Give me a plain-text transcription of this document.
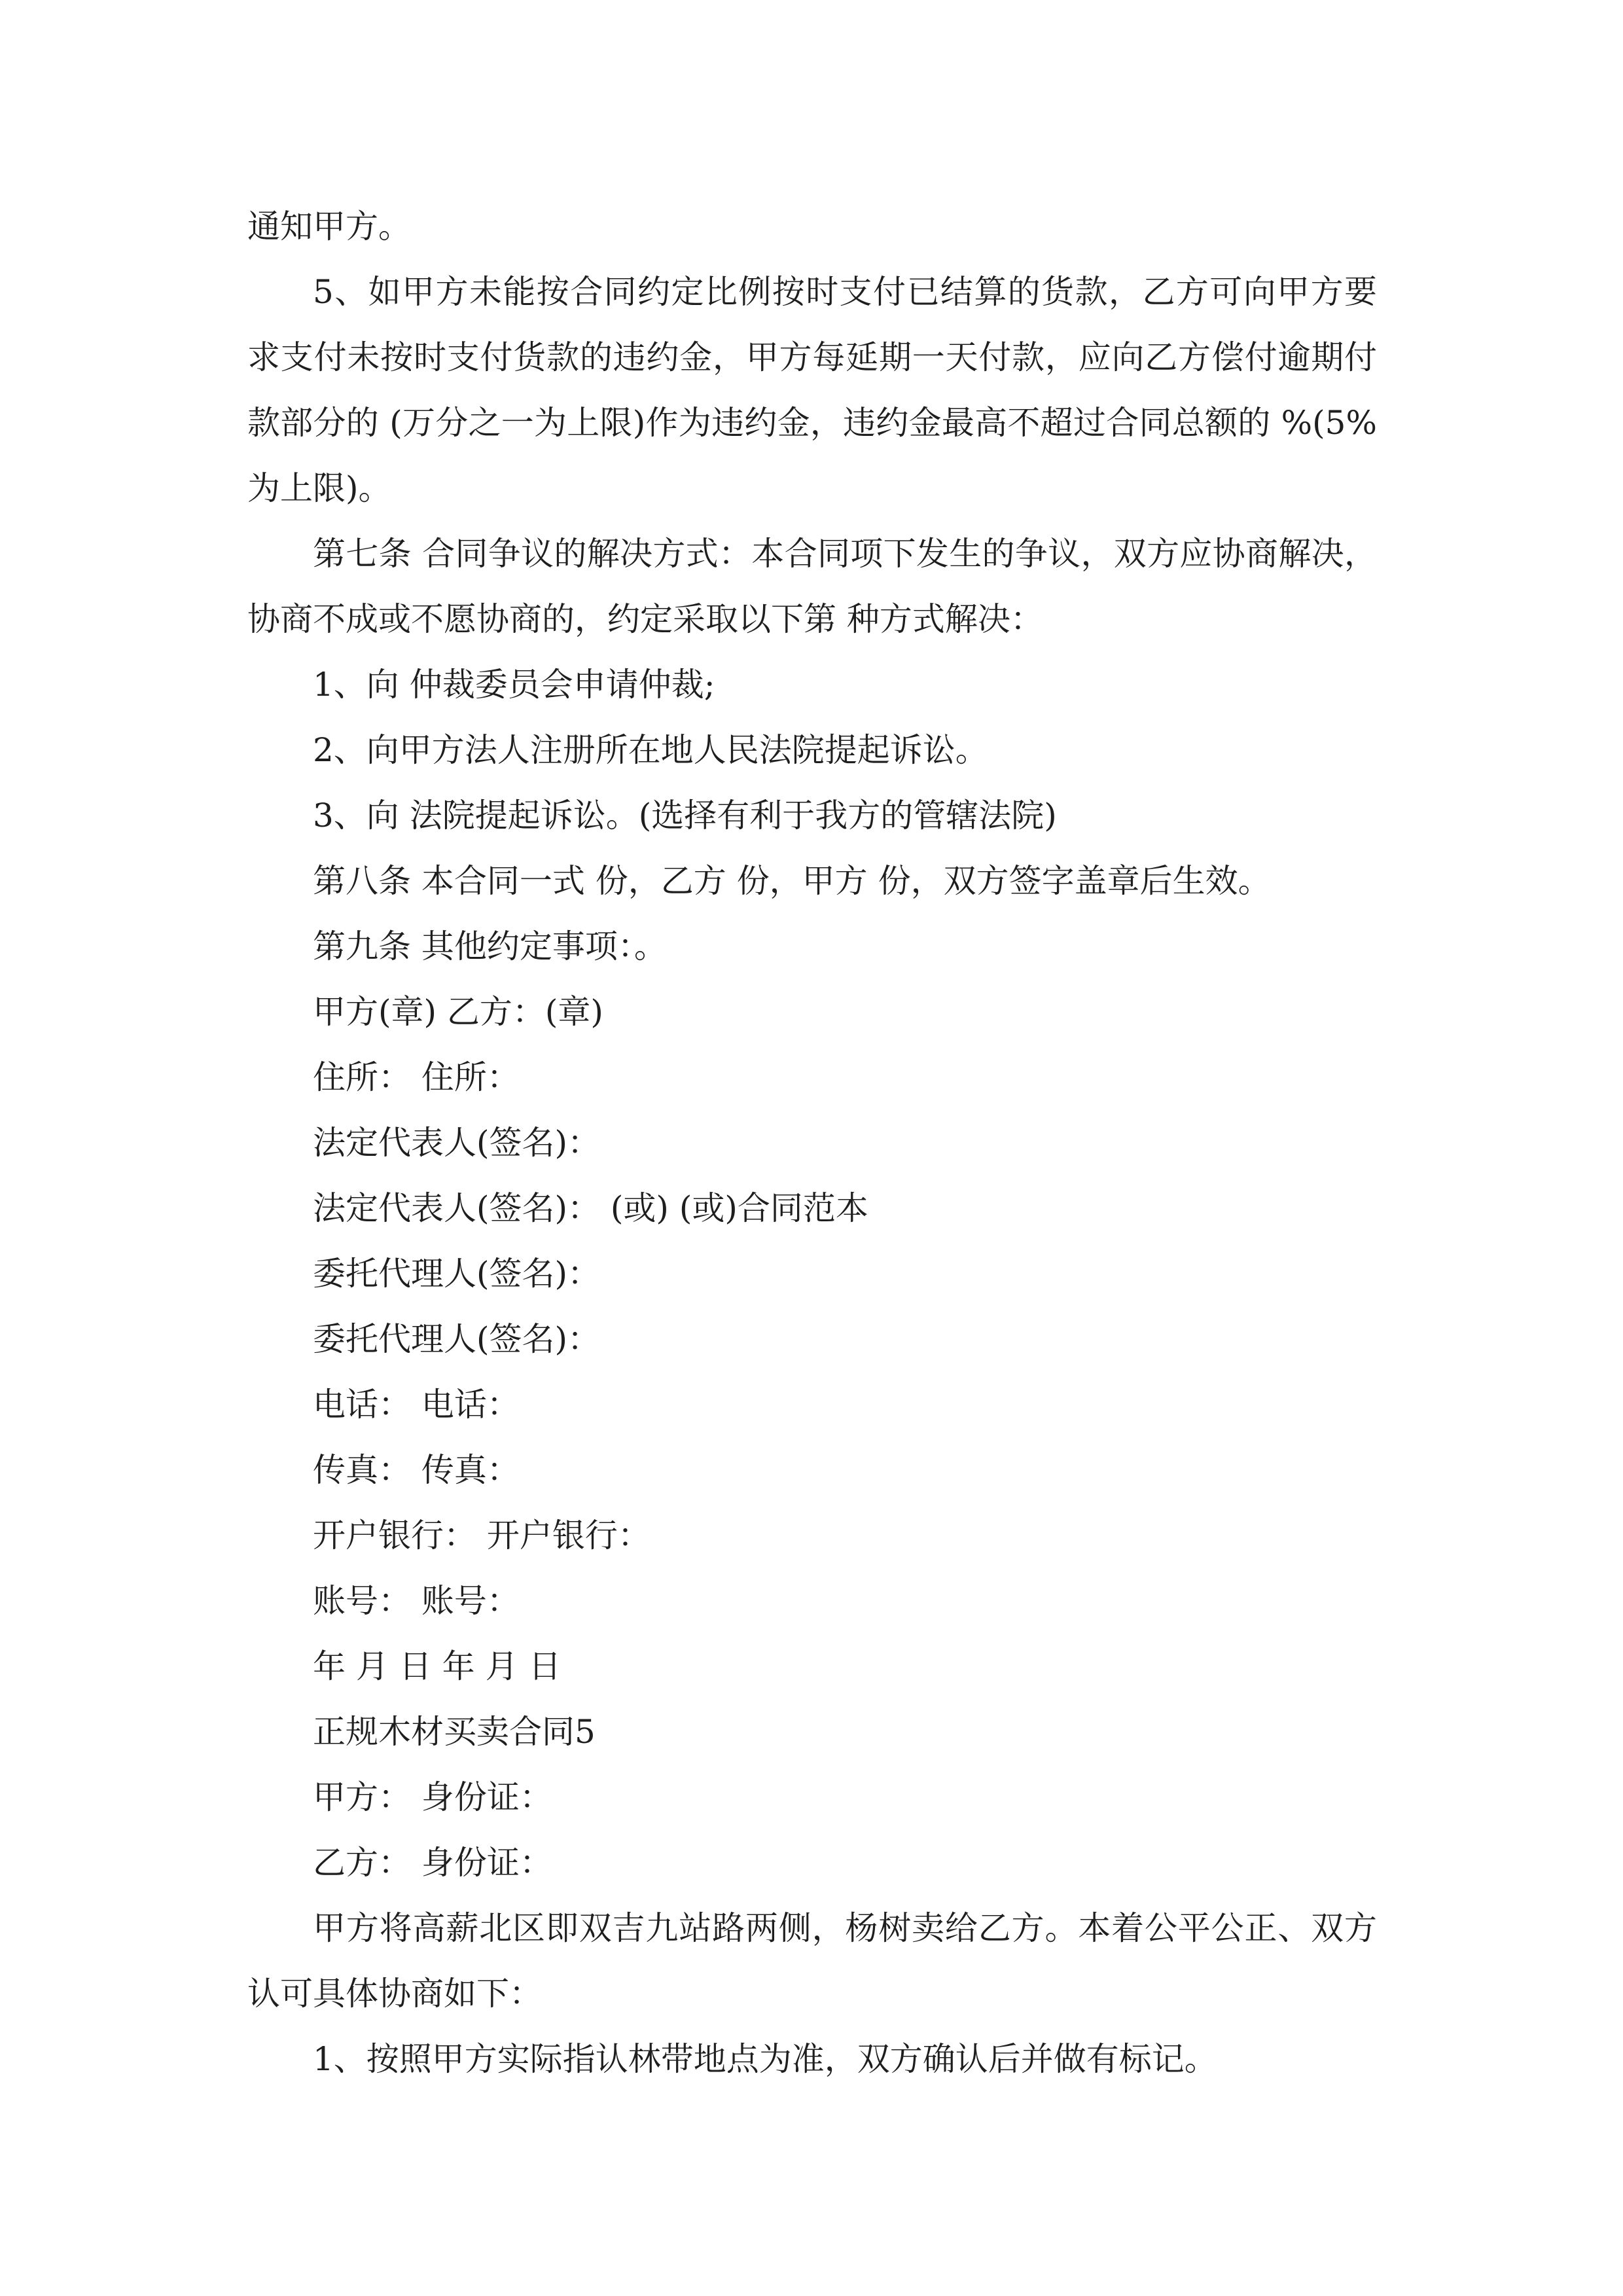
通知甲方。

5、如甲方未能按合同约定比例按时支付已结算的货款，乙方可向甲方要求支付未按时支付货款的违约金，甲方每延期一天付款，应向乙方偿付逾期付款部分的 (万分之一为上限)作为违约金，违约金最高不超过合同总额的 %(5%为上限)。

第七条 合同争议的解决方式：本合同项下发生的争议，双方应协商解决，协商不成或不愿协商的，约定采取以下第 种方式解决：

1、向 仲裁委员会申请仲裁;

2、向甲方法人注册所在地人民法院提起诉讼。

3、向 法院提起诉讼。(选择有利于我方的管辖法院)

第八条 本合同一式 份，乙方 份，甲方 份，双方签字盖章后生效。

第九条 其他约定事项：。

甲方(章) 乙方：(章)

住所： 住所：

法定代表人(签名)：

法定代表人(签名)： (或) (或)合同范本

委托代理人(签名)：

委托代理人(签名)：

电话： 电话：

传真： 传真：

开户银行： 开户银行：

账号： 账号：

年 月 日 年 月 日

正规木材买卖合同5

甲方： 身份证：

乙方： 身份证：

甲方将高薪北区即双吉九站路两侧，杨树卖给乙方。本着公平公正、双方认可具体协商如下：

1、按照甲方实际指认林带地点为准，双方确认后并做有标记。
